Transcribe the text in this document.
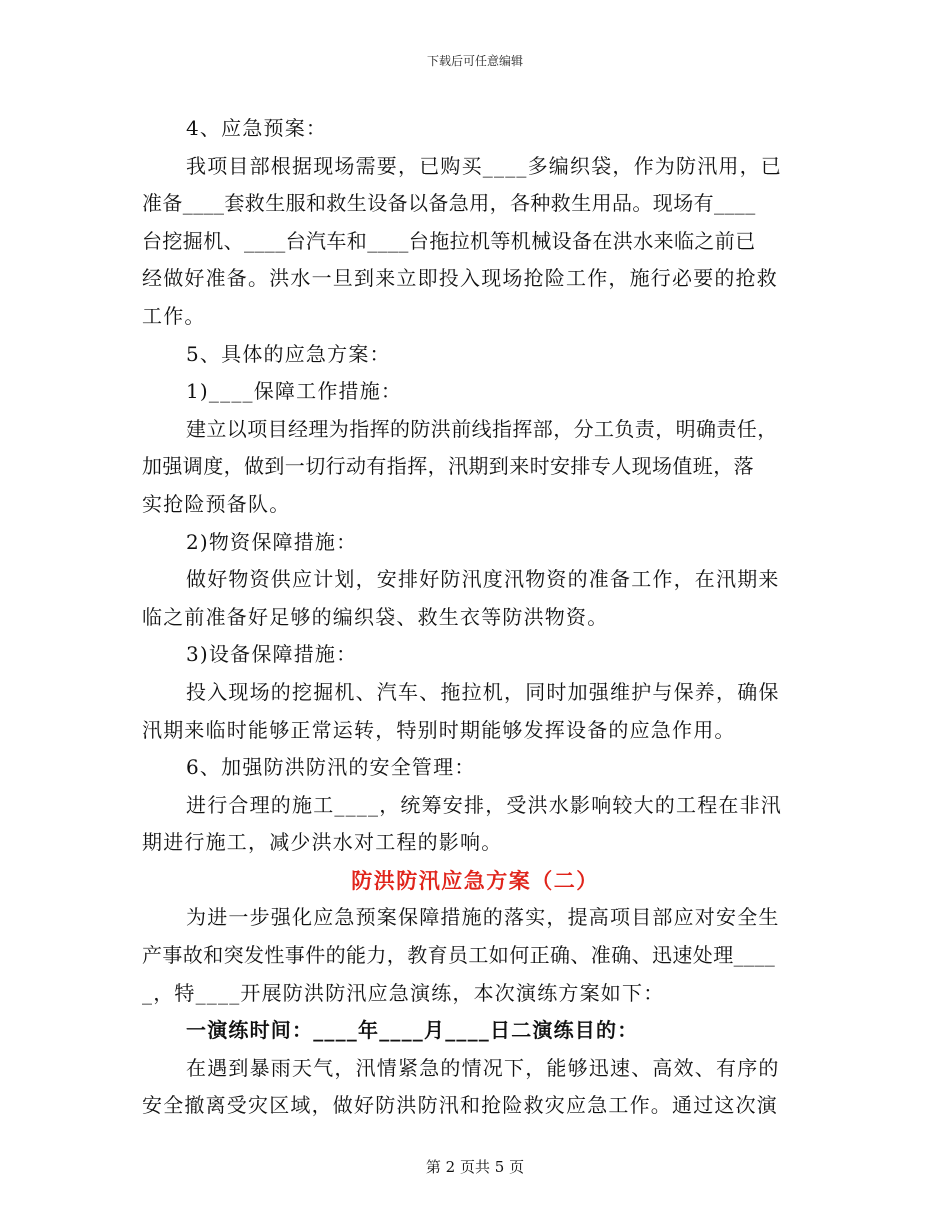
下载后可任意编辑
4、应急预案：
我项目部根据现场需要，已购买____多编织袋，作为防汛用，已
准备____套救生服和救生设备以备急用，各种救生用品。现场有____
台挖掘机、____台汽车和____台拖拉机等机械设备在洪水来临之前已
经做好准备。洪水一旦到来立即投入现场抢险工作，施行必要的抢救
工作。
5、具体的应急方案：
1)____保障工作措施：
建立以项目经理为指挥的防洪前线指挥部，分工负责，明确责任，
加强调度，做到一切行动有指挥，汛期到来时安排专人现场值班，落
实抢险预备队。
2)物资保障措施：
做好物资供应计划，安排好防汛度汛物资的准备工作，在汛期来
临之前准备好足够的编织袋、救生衣等防洪物资。
3)设备保障措施：
投入现场的挖掘机、汽车、拖拉机，同时加强维护与保养，确保
汛期来临时能够正常运转，特别时期能够发挥设备的应急作用。
6、加强防洪防汛的安全管理：
进行合理的施工____，统筹安排，受洪水影响较大的工程在非汛
期进行施工，减少洪水对工程的影响。
防洪防汛应急方案（二）
为进一步强化应急预案保障措施的落实，提高项目部应对安全生
产事故和突发性事件的能力，教育员工如何正确、准确、迅速处理____
_，特____开展防洪防汛应急演练，本次演练方案如下：
一演练时间：____年____月____日二演练目的：
在遇到暴雨天气，汛情紧急的情况下，能够迅速、高效、有序的
安全撤离受灾区域，做好防洪防汛和抢险救灾应急工作。通过这次演
第 2 页共 5 页
